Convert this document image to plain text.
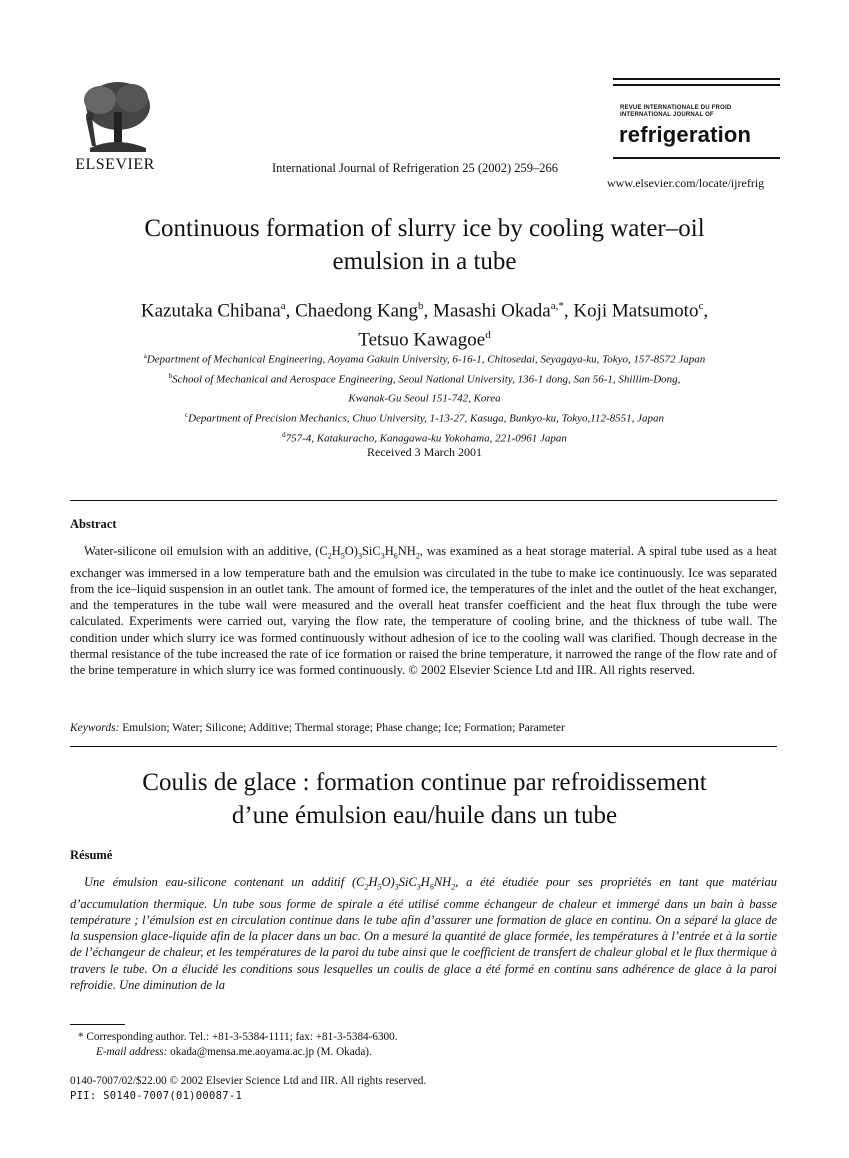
ELSEVIER	International Journal of Refrigeration 25 (2002) 259–266
REVUE INTERNATIONALE DU FROID
INTERNATIONAL JOURNAL OF
refrigeration
www.elsevier.com/locate/ijrefrig
Continuous formation of slurry ice by cooling water–oil
emulsion in a tube
Kazutaka Chibana$^a$, Chaedong Kang$^b$, Masashi Okada$^{a,*}$, Koji Matsumoto$^c$,
Tetsuo Kawagoe$^d$
$^a$Department of Mechanical Engineering, Aoyama Gakuin University, 6-16-1, Chitosedai, Seyagaya-ku, Tokyo, 157-8572 Japan
$^b$School of Mechanical and Aerospace Engineering, Seoul National University, 136-1 dong, San 56-1, Shillim-Dong,
Kwanak-Gu Seoul 151-742, Korea
$^c$Department of Precision Mechanics, Chuo University, 1-13-27, Kasuga, Bunkyo-ku, Tokyo,112-8551, Japan
$^d$757-4, Katakuracho, Kanagawa-ku Yokohama, 221-0961 Japan
Received 3 March 2001
Abstract
Water-silicone oil emulsion with an additive, $(C_2H_5O)_3SiC_3H_6NH_2$, was examined as a heat storage material. A spiral tube used as a heat exchanger was immersed in a low temperature bath and the emulsion was circulated in the tube to make ice continuously. Ice was separated from the ice–liquid suspension in an outlet tank. The amount of formed ice, the temperatures of the inlet and the outlet of the heat exchanger, and the temperatures in the tube wall were measured and the overall heat transfer coefficient and the heat flux through the tube were calculated. Experiments were carried out, varying the flow rate, the temperature of cooling brine, and the thickness of tube wall. The condition under which slurry ice was formed continuously without adhesion of ice to the cooling wall was clarified. Though decrease in the thermal resistance of the tube increased the rate of ice formation or raised the brine temperature, it narrowed the range of the flow rate and of the brine temperature in which slurry ice was formed continuously. © 2002 Elsevier Science Ltd and IIR. All rights reserved.
Keywords: Emulsion; Water; Silicone; Additive; Thermal storage; Phase change; Ice; Formation; Parameter
Coulis de glace : formation continue par refroidissement
d’une émulsion eau/huile dans un tube
Résumé
Une émulsion eau-silicone contenant un additif $(C_2H_5O)_3SiC_3H_6NH_2$, a été étudiée pour ses propriétés en tant que matériau d’accumulation thermique. Un tube sous forme de spirale a été utilisé comme échangeur de chaleur et immergé dans un bain à basse température ; l’émulsion est en circulation continue dans le tube afin d’assurer une formation de glace en continu. On a séparé la glace de la suspension glace-liquide afin de la placer dans un bac. On a mesuré la quantité de glace formée, les températures à l’entrée et à la sortie de l’échangeur de chaleur, et les températures de la paroi du tube ainsi que le coefficient de transfert de chaleur global et le flux thermique à travers le tube. On a élucidé les conditions sous lesquelles un coulis de glace a été formé en continu sans adhérence de glace à la paroi refroidie. Une diminution de la
* Corresponding author. Tel.: +81-3-5384-1111; fax: +81-3-5384-6300.
E-mail address: okada@mensa.me.aoyama.ac.jp (M. Okada).
0140-7007/02/$22.00 © 2002 Elsevier Science Ltd and IIR. All rights reserved.
PII: S0140-7007(01)00087-1
